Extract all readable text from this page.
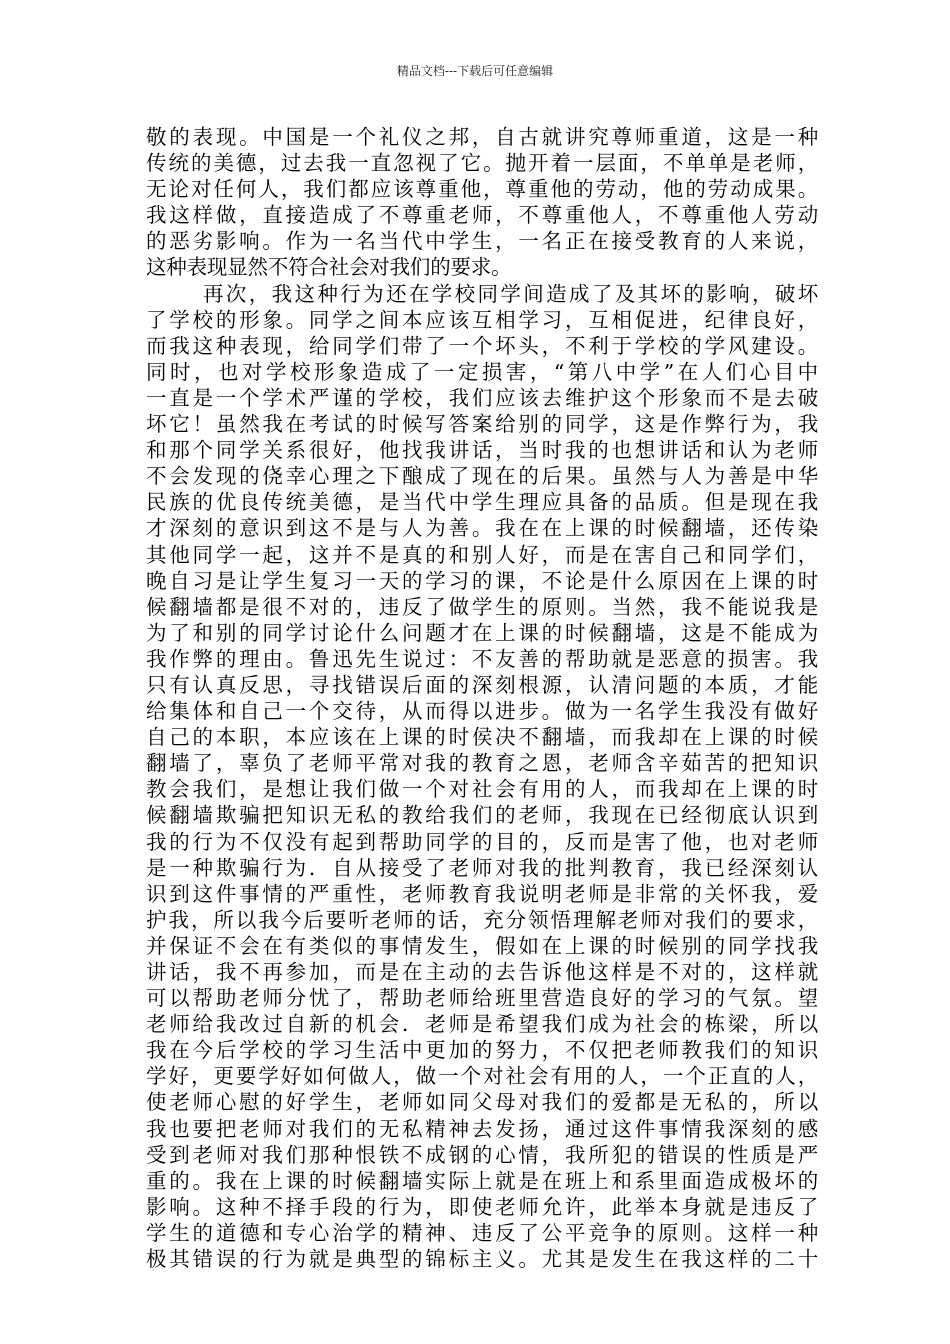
精品文档---下载后可任意编辑
敬的表现。中国是一个礼仪之邦，自古就讲究尊师重道，这是一种
传统的美德，过去我一直忽视了它。抛开着一层面，不单单是老师，
无论对任何人，我们都应该尊重他，尊重他的劳动，他的劳动成果。
我这样做，直接造成了不尊重老师，不尊重他人，不尊重他人劳动
的恶劣影响。作为一名当代中学生，一名正在接受教育的人来说，
这种表现显然不符合社会对我们的要求。
再次，我这种行为还在学校同学间造成了及其坏的影响，破坏
了学校的形象。同学之间本应该互相学习，互相促进，纪律良好，
而我这种表现，给同学们带了一个坏头，不利于学校的学风建设。
同时，也对学校形象造成了一定损害，“第八中学”在人们心目中
一直是一个学术严谨的学校，我们应该去维护这个形象而不是去破
坏它！虽然我在考试的时候写答案给别的同学，这是作弊行为，我
和那个同学关系很好，他找我讲话，当时我的也想讲话和认为老师
不会发现的侥幸心理之下酿成了现在的后果。虽然与人为善是中华
民族的优良传统美德，是当代中学生理应具备的品质。但是现在我
才深刻的意识到这不是与人为善。我在在上课的时候翻墙，还传染
其他同学一起，这并不是真的和别人好，而是在害自己和同学们，
晚自习是让学生复习一天的学习的课，不论是什么原因在上课的时
候翻墙都是很不对的，违反了做学生的原则。当然，我不能说我是
为了和别的同学讨论什么问题才在上课的时候翻墙，这是不能成为
我作弊的理由。鲁迅先生说过：不友善的帮助就是恶意的损害。我
只有认真反思，寻找错误后面的深刻根源，认清问题的本质，才能
给集体和自己一个交待，从而得以进步。做为一名学生我没有做好
自己的本职，本应该在上课的时侯决不翻墙，而我却在上课的时候
翻墙了，辜负了老师平常对我的教育之恩，老师含辛茹苦的把知识
教会我们，是想让我们做一个对社会有用的人，而我却在上课的时
候翻墙欺骗把知识无私的教给我们的老师，我现在已经彻底认识到
我的行为不仅没有起到帮助同学的目的，反而是害了他，也对老师
是一种欺骗行为．自从接受了老师对我的批判教育，我已经深刻认
识到这件事情的严重性，老师教育我说明老师是非常的关怀我，爱
护我，所以我今后要听老师的话，充分领悟理解老师对我们的要求，
并保证不会在有类似的事情发生，假如在上课的时候别的同学找我
讲话，我不再参加，而是在主动的去告诉他这样是不对的，这样就
可以帮助老师分忧了，帮助老师给班里营造良好的学习的气氛。望
老师给我改过自新的机会．老师是希望我们成为社会的栋梁，所以
我在今后学校的学习生活中更加的努力，不仅把老师教我们的知识
学好，更要学好如何做人，做一个对社会有用的人，一个正直的人，
使老师心慰的好学生，老师如同父母对我们的爱都是无私的，所以
我也要把老师对我们的无私精神去发扬，通过这件事情我深刻的感
受到老师对我们那种恨铁不成钢的心情，我所犯的错误的性质是严
重的。我在上课的时候翻墙实际上就是在班上和系里面造成极坏的
影响。这种不择手段的行为，即使老师允许，此举本身就是违反了
学生的道德和专心治学的精神、违反了公平竞争的原则。这样一种
极其错误的行为就是典型的锦标主义。尤其是发生在我这样的二十
